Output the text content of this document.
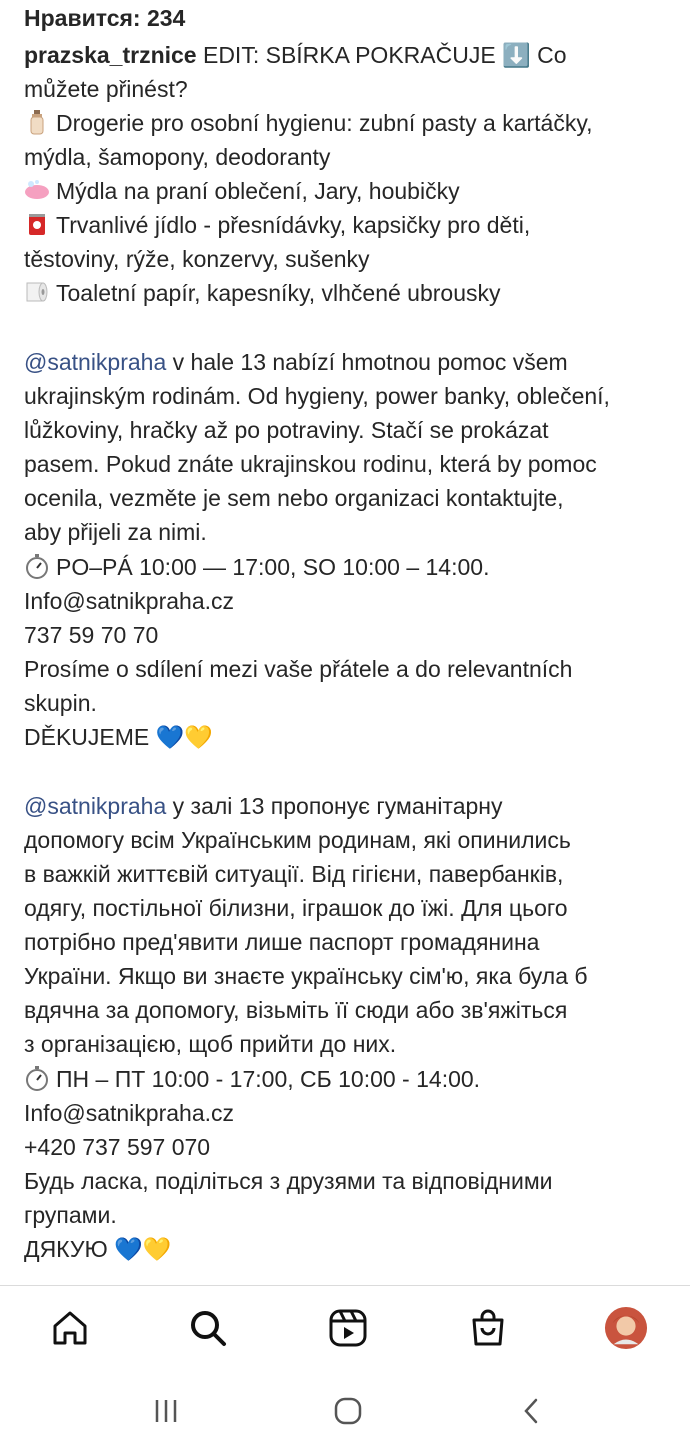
Нравится: 234
prazska_trznice EDIT: SBÍRKA POKRAČUJE ⬇️ Co
můžete přinést?
Drogerie pro osobní hygienu: zubní pasty a kartáčky,
mýdla, šamopony, deodoranty
Mýdla na praní oblečení, Jary, houbičky
Trvanlivé jídlo - přesnídávky, kapsičky pro děti,
těstoviny, rýže, konzervy, sušenky
Toaletní papír, kapesníky, vlhčené ubrousky
@satnikpraha v hale 13 nabízí hmotnou pomoc všem
ukrajinským rodinám. Od hygieny, power banky, oblečení,
lůžkoviny, hračky až po potraviny. Stačí se prokázat
pasem. Pokud znáte ukrajinskou rodinu, která by pomoc
ocenila, vezměte je sem nebo organizaci kontaktujte,
aby přijeli za nimi.
PO–PÁ 10:00 — 17:00, SO 10:00 – 14:00.
Info@satnikpraha.cz
737 59 70 70
Prosíme o sdílení mezi vaše přátele a do relevantních
skupin.
DĚKUJEME 💙💛
@satnikpraha у залі 13 пропонує гуманітарну
допомогу всім Українським родинам, які опинились
в важкій життєвій ситуації. Від гігієни, павербанків,
одягу, постільної білизни, іграшок до їжі. Для цього
потрібно пред'явити лише паспорт громадянина
України. Якщо ви знаєте українську сім'ю, яка була б
вдячна за допомогу, візьміть її сюди або зв'яжіться
з організацією, щоб прийти до них.
ПН – ПТ 10:00 - 17:00, СБ 10:00 - 14:00.
Info@satnikpraha.cz
+420 737 597 070
Будь ласка, поділіться з друзями та відповідними
групами.
ДЯКУЮ 💙💛
